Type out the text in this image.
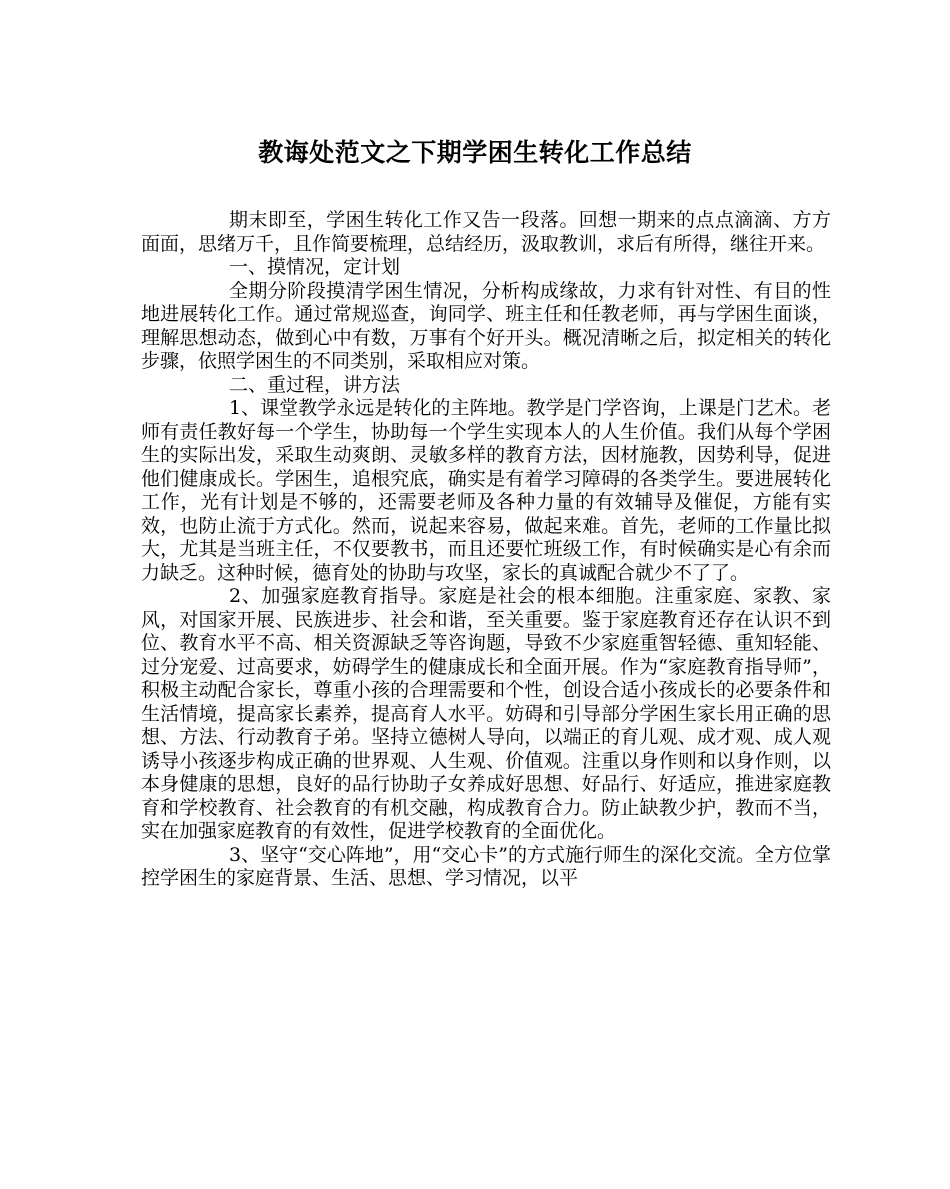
教诲处范文之下期学困生转化工作总结

期末即至，学困生转化工作又告一段落。回想一期来的点点滴滴、方方面面，思绪万千，且作简要梳理，总结经历，汲取教训，求后有所得，继往开来。

一、摸情况，定计划

全期分阶段摸清学困生情况，分析构成缘故，力求有针对性、有目的性地进展转化工作。通过常规巡查，询同学、班主任和任教老师，再与学困生面谈，理解思想动态，做到心中有数，万事有个好开头。概况清晰之后，拟定相关的转化步骤，依照学困生的不同类别，采取相应对策。

二、重过程，讲方法

1、课堂教学永远是转化的主阵地。教学是门学咨询，上课是门艺术。老师有责任教好每一个学生，协助每一个学生实现本人的人生价值。我们从每个学困生的实际出发，采取生动爽朗、灵敏多样的教育方法，因材施教，因势利导，促进他们健康成长。学困生，追根究底，确实是有着学习障碍的各类学生。要进展转化工作，光有计划是不够的，还需要老师及各种力量的有效辅导及催促，方能有实效，也防止流于方式化。然而，说起来容易，做起来难。首先，老师的工作量比拟大，尤其是当班主任，不仅要教书，而且还要忙班级工作，有时候确实是心有余而力缺乏。这种时候，德育处的协助与攻坚，家长的真诚配合就少不了了。

2、加强家庭教育指导。家庭是社会的根本细胞。注重家庭、家教、家风，对国家开展、民族进步、社会和谐，至关重要。鉴于家庭教育还存在认识不到位、教育水平不高、相关资源缺乏等咨询题，导致不少家庭重智轻德、重知轻能、过分宠爱、过高要求，妨碍学生的健康成长和全面开展。作为“家庭教育指导师”，积极主动配合家长，尊重小孩的合理需要和个性，创设合适小孩成长的必要条件和生活情境，提高家长素养，提高育人水平。妨碍和引导部分学困生家长用正确的思想、方法、行动教育子弟。坚持立德树人导向，以端正的育儿观、成才观、成人观诱导小孩逐步构成正确的世界观、人生观、价值观。注重以身作则和以身作则，以本身健康的思想，良好的品行协助子女养成好思想、好品行、好适应，推进家庭教育和学校教育、社会教育的有机交融，构成教育合力。防止缺教少护，教而不当，实在加强家庭教育的有效性，促进学校教育的全面优化。

3、坚守“交心阵地”，用“交心卡”的方式施行师生的深化交流。全方位掌控学困生的家庭背景、生活、思想、学习情况，以平
